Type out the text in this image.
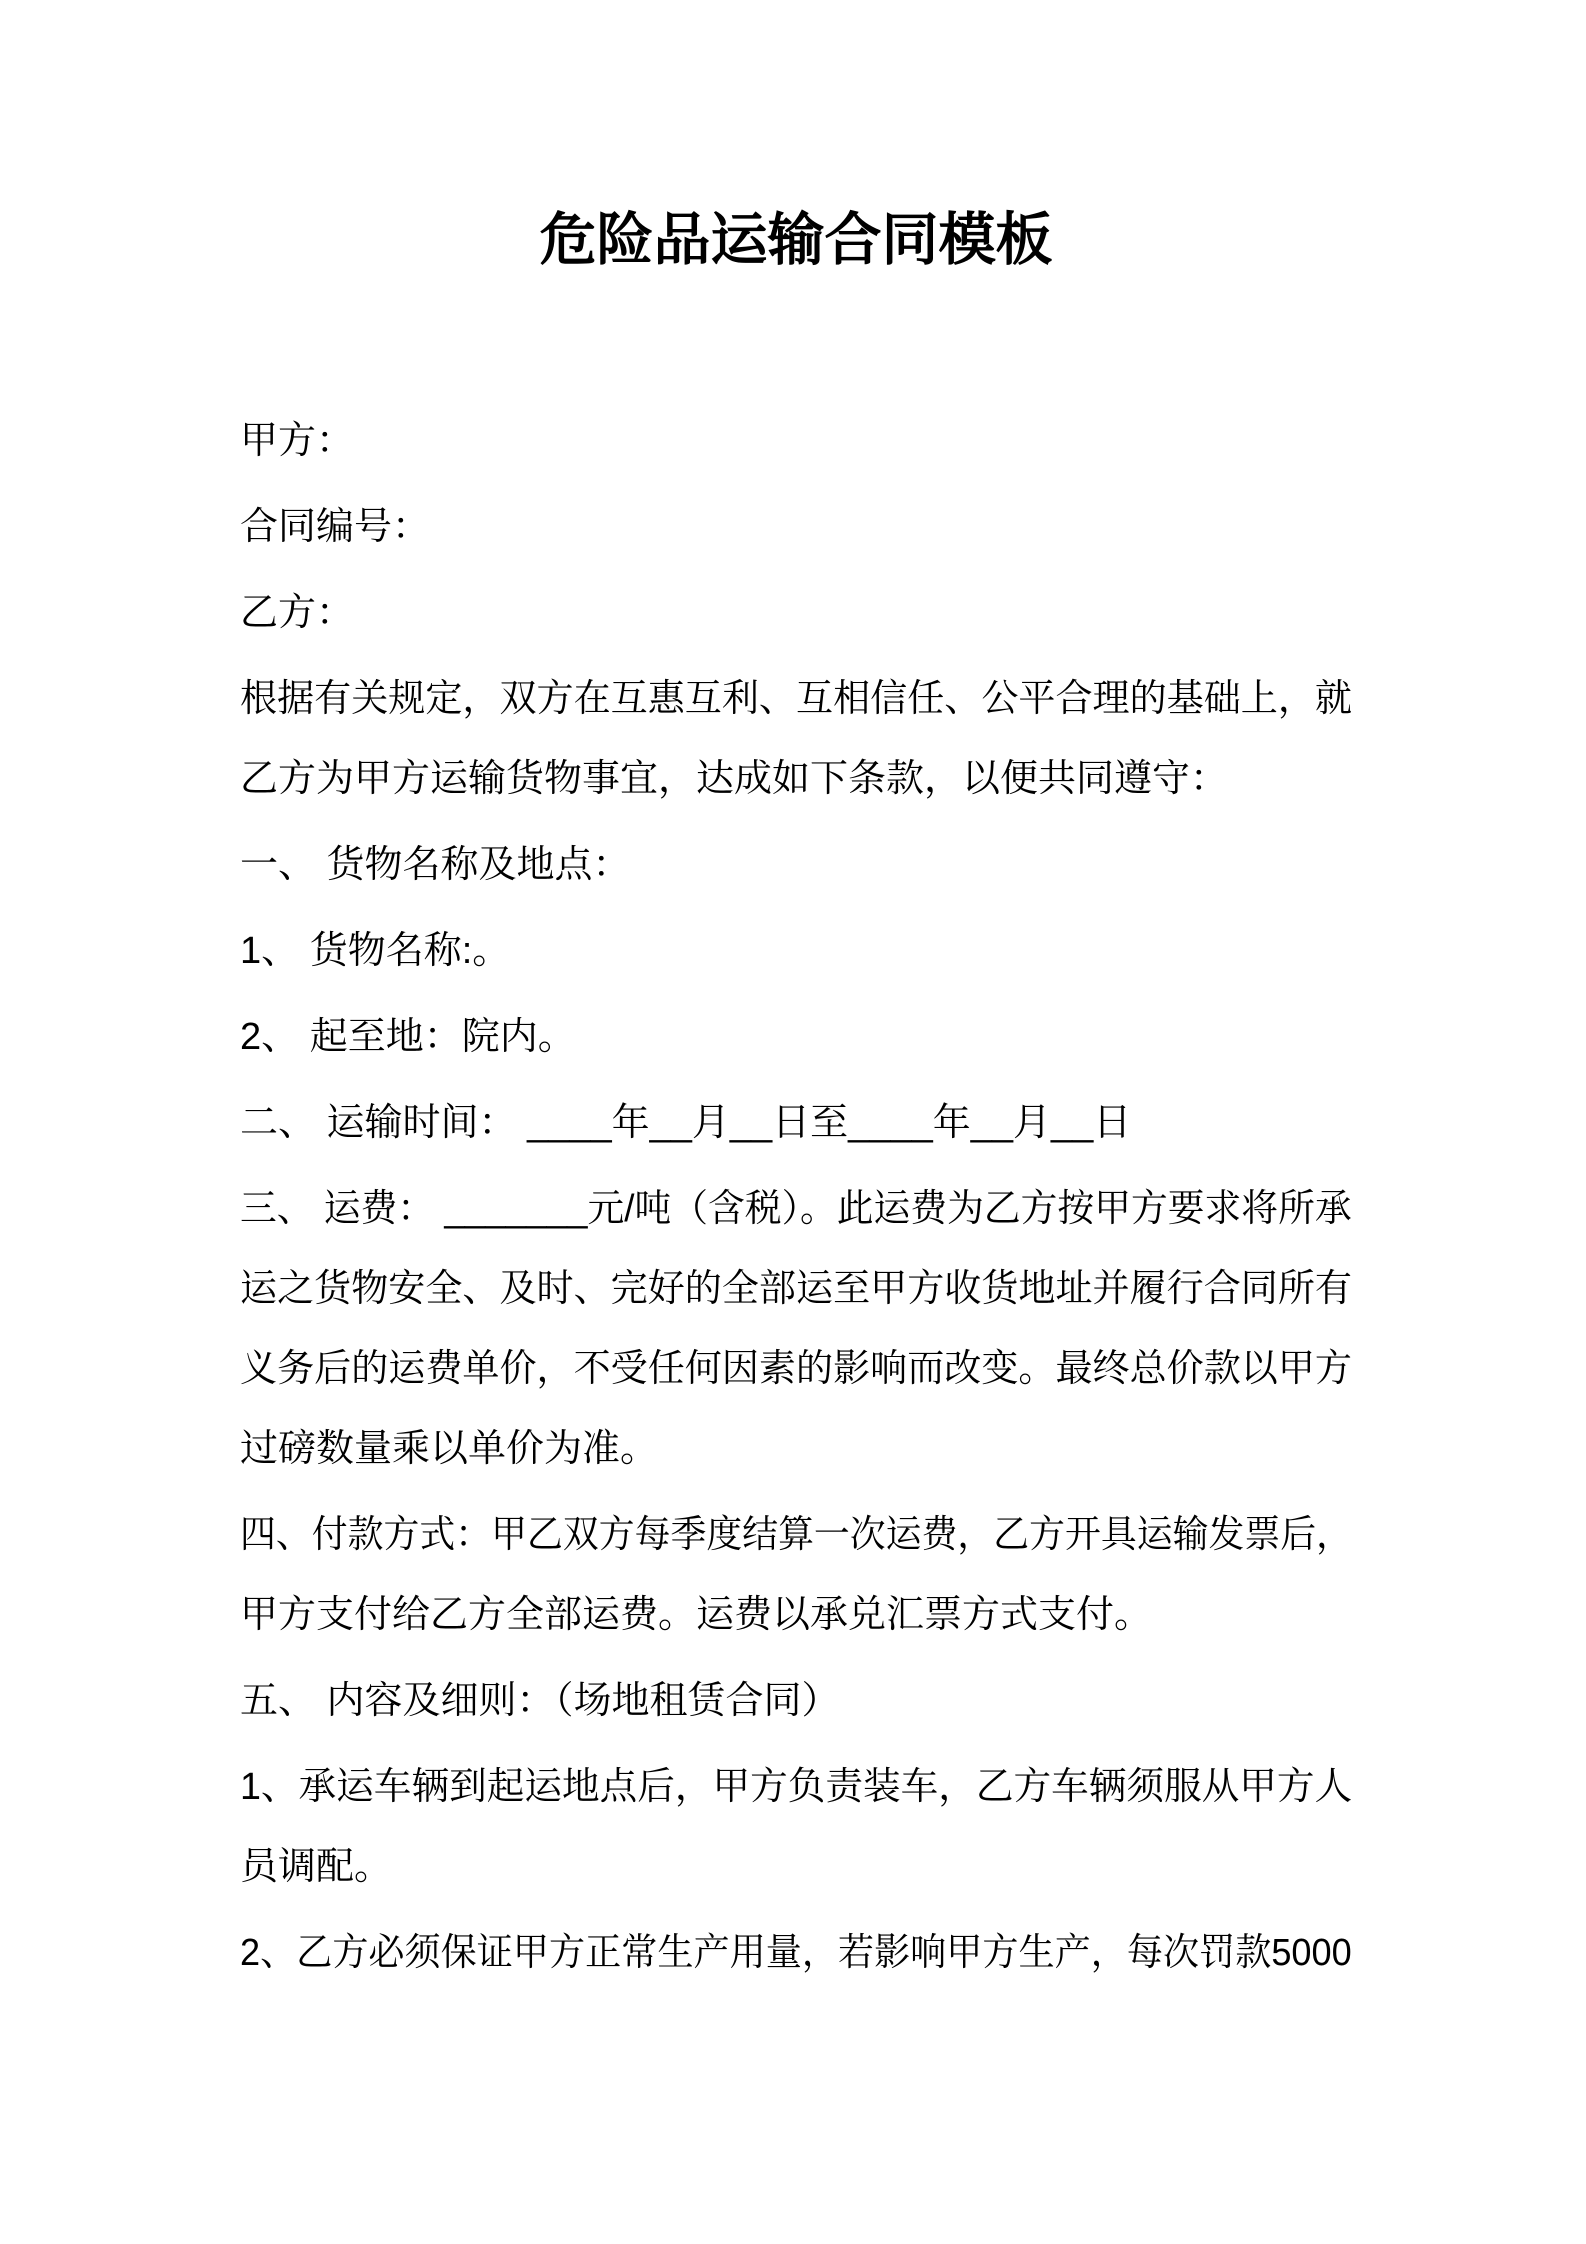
危险品运输合同模板
甲方：
合同编号：
乙方：
根据有关规定，双方在互惠互利、互相信任、公平合理的基础上，就
乙方为甲方运输货物事宜，达成如下条款，以便共同遵守：
一、 货物名称及地点：
1、 货物名称:。
2、 起至地：院内。
二、 运输时间： ____年__月__日至____年__月__日
三、 运费： _______元/吨（含税）。此运费为乙方按甲方要求将所承
运之货物安全、及时、完好的全部运至甲方收货地址并履行合同所有
义务后的运费单价，不受任何因素的影响而改变。最终总价款以甲方
过磅数量乘以单价为准。
四、付款方式：甲乙双方每季度结算一次运费，乙方开具运输发票后，
甲方支付给乙方全部运费。运费以承兑汇票方式支付。
五、 内容及细则：（场地租赁合同）
1、承运车辆到起运地点后，甲方负责装车，乙方车辆须服从甲方人
员调配。
2、乙方必须保证甲方正常生产用量，若影响甲方生产，每次罚款5000
